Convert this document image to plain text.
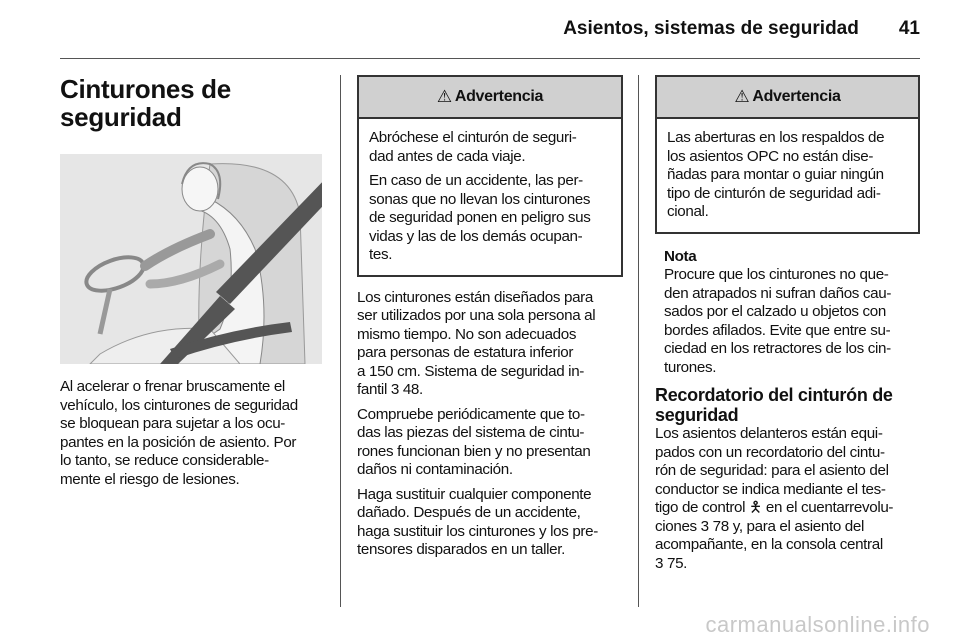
Asientos, sistemas de seguridad 41
Cinturones de
seguridad

Al acelerar o frenar bruscamente el
vehículo, los cinturones de seguridad
se bloquean para sujetar a los ocu-
pantes en la posición de asiento. Por
lo tanto, se reduce considerable-
mente el riesgo de lesiones.

⚠ Advertencia

Abróchese el cinturón de seguri-
dad antes de cada viaje.

En caso de un accidente, las per-
sonas que no llevan los cinturones
de seguridad ponen en peligro sus
vidas y las de los demás ocupan-
tes.

Los cinturones están diseñados para
ser utilizados por una sola persona al
mismo tiempo. No son adecuados
para personas de estatura inferior
a 150 cm. Sistema de seguridad in-
fantil 3 48.

Compruebe periódicamente que to-
das las piezas del sistema de cintu-
rones funcionan bien y no presentan
daños ni contaminación.

Haga sustituir cualquier componente
dañado. Después de un accidente,
haga sustituir los cinturones y los pre-
tensores disparados en un taller.

⚠ Advertencia

Las aberturas en los respaldos de
los asientos OPC no están dise-
ñadas para montar o guiar ningún
tipo de cinturón de seguridad adi-
cional.

Nota
Procure que los cinturones no que-
den atrapados ni sufran daños cau-
sados por el calzado u objetos con
bordes afilados. Evite que entre su-
ciedad en los retractores de los cin-
turones.
Recordatorio del cinturón de
seguridad
Los asientos delanteros están equi-
pados con un recordatorio del cintu-
rón de seguridad: para el asiento del
conductor se indica mediante el tes-
tigo de control 🯅 en el cuentarrevolu-
ciones 3 78 y, para el asiento del
acompañante, en la consola central
3 75.
carmanualsonline.info
